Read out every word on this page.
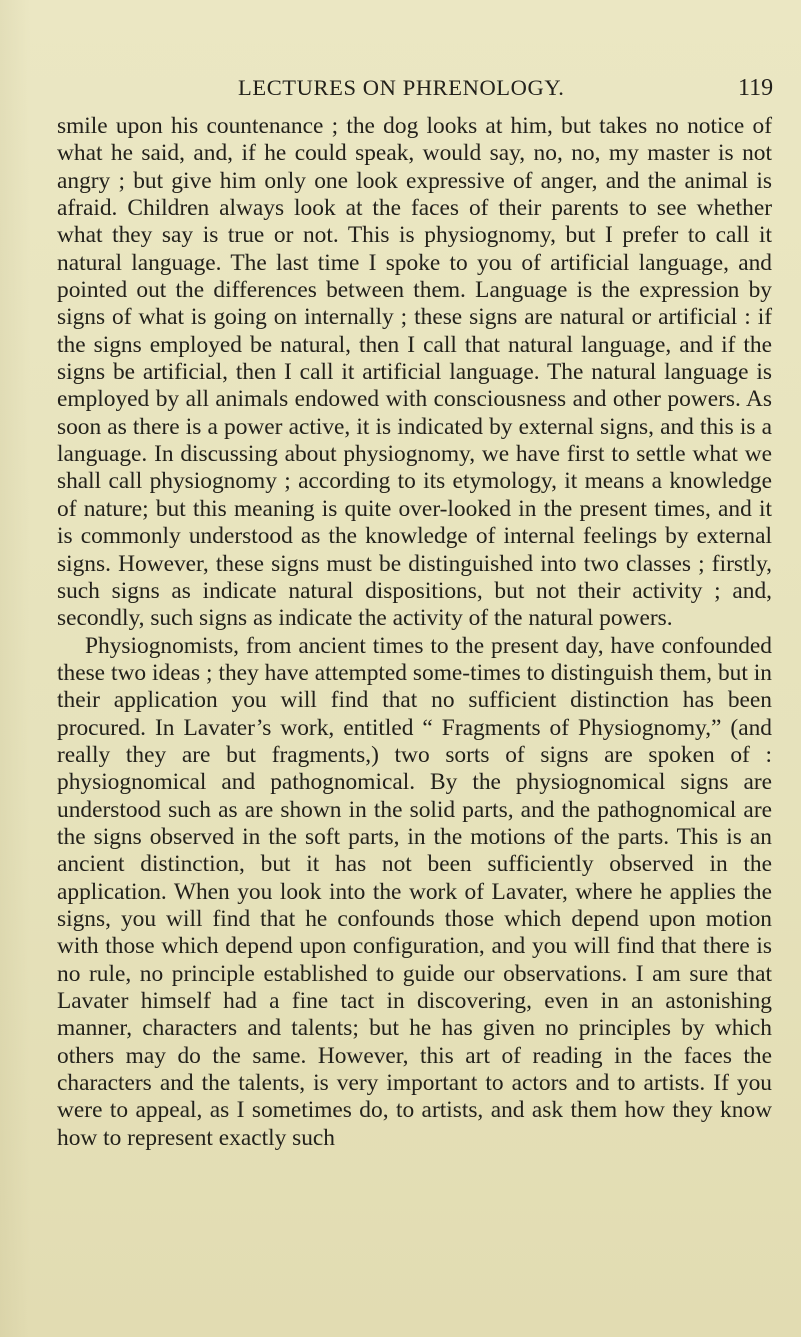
LECTURES ON PHRENOLOGY.	119

smile upon his countenance ; the dog looks at him, but takes no notice of what he said, and, if he could speak, would say, no, no, my master is not angry ; but give him only one look expressive of anger, and the animal is afraid. Children always look at the faces of their parents to see whether what they say is true or not. This is physiognomy, but I prefer to call it natural language. The last time I spoke to you of artificial language, and pointed out the differences between them. Language is the expression by signs of what is going on internally ; these signs are natural or artificial : if the signs employed be natural, then I call that natural language, and if the signs be artificial, then I call it artificial language. The natural language is employed by all animals endowed with consciousness and other powers. As soon as there is a power active, it is indicated by external signs, and this is a language. In discussing about physiognomy, we have first to settle what we shall call physiognomy ; according to its etymology, it means a knowledge of nature; but this meaning is quite over-looked in the present times, and it is commonly understood as the knowledge of internal feelings by external signs. However, these signs must be distinguished into two classes ; firstly, such signs as indicate natural dispositions, but not their activity ; and, secondly, such signs as indicate the activity of the natural powers.

Physiognomists, from ancient times to the present day, have confounded these two ideas ; they have attempted some-times to distinguish them, but in their application you will find that no sufficient distinction has been procured. In Lavater’s work, entitled “ Fragments of Physiognomy,” (and really they are but fragments,) two sorts of signs are spoken of : physiognomical and pathognomical. By the physiognomical signs are understood such as are shown in the solid parts, and the pathognomical are the signs observed in the soft parts, in the motions of the parts. This is an ancient distinction, but it has not been sufficiently observed in the application. When you look into the work of Lavater, where he applies the signs, you will find that he confounds those which depend upon motion with those which depend upon configuration, and you will find that there is no rule, no principle established to guide our observations. I am sure that Lavater himself had a fine tact in discovering, even in an astonishing manner, characters and talents; but he has given no principles by which others may do the same. However, this art of reading in the faces the characters and the talents, is very important to actors and to artists. If you were to appeal, as I sometimes do, to artists, and ask them how they know how to represent exactly such
